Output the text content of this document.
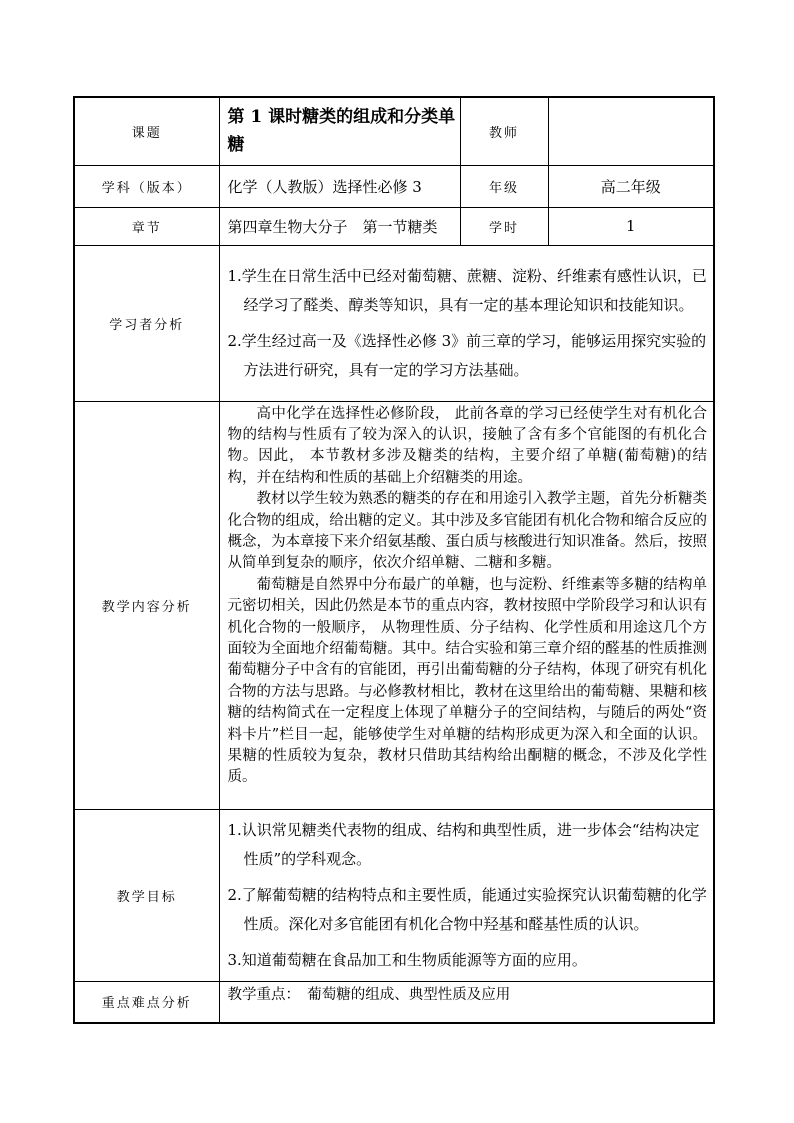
课题	第 1 课时糖类的组成和分类单糖	教师	
学科（版本）	化学（人教版）选择性必修 3	年级	高二年级
章节	第四章生物大分子　第一节糖类	学时	1
学习者分析	1.学生在日常生活中已经对葡萄糖、蔗糖、淀粉、纤维素有感性认识，已经学习了醛类、醇类等知识，具有一定的基本理论知识和技能知识。

2.学生经过高一及《选择性必修 3》前三章的学习，能够运用探究实验的方法进行研究，具有一定的学习方法基础。		

教学内容分析	高中化学在选择性必修阶段， 此前各章的学习已经使学生对有机化合物的结构与性质有了较为深入的认识，接触了含有多个官能图的有机化合物。因此， 本节教材多涉及糖类的结构，主要介绍了单糖(葡萄糖)的结构，并在结构和性质的基础上介绍糖类的用途。

教材以学生较为熟悉的糖类的存在和用途引入教学主题，首先分析糖类化合物的组成，给出糖的定义。其中涉及多官能团有机化合物和缩合反应的概念，为本章接下来介绍氨基酸、蛋白质与核酸进行知识准备。然后，按照从简单到复杂的顺序，依次介绍单糖、二糖和多糖。

葡萄糖是自然界中分布最广的单糖，也与淀粉、纤维素等多糖的结构单元密切相关，因此仍然是本节的重点内容，教材按照中学阶段学习和认识有机化合物的一般顺序， 从物理性质、分子结构、化学性质和用途这几个方面较为全面地介绍葡萄糖。其中。结合实验和第三章介绍的醛基的性质推测葡萄糖分子中含有的官能团，再引出葡萄糖的分子结构，体现了研究有机化合物的方法与思路。与必修教材相比，教材在这里给出的葡萄糖、果糖和核糖的结构简式在一定程度上体现了单糖分子的空间结构，与随后的两处“资料卡片”栏目一起，能够使学生对单糖的结构形成更为深入和全面的认识。果糖的性质较为复杂，教材只借助其结构给出酮糖的概念，不涉及化学性质。		

教学目标	1.认识常见糖类代表物的组成、结构和典型性质，进一步体会“结构决定性质”的学科观念。

2.了解葡萄糖的结构特点和主要性质，能通过实验探究认识葡萄糖的化学性质。深化对多官能团有机化合物中羟基和醛基性质的认识。

3.知道葡萄糖在食品加工和生物质能源等方面的应用。		

重点难点分析	教学重点：　葡萄糖的组成、典型性质及应用		
